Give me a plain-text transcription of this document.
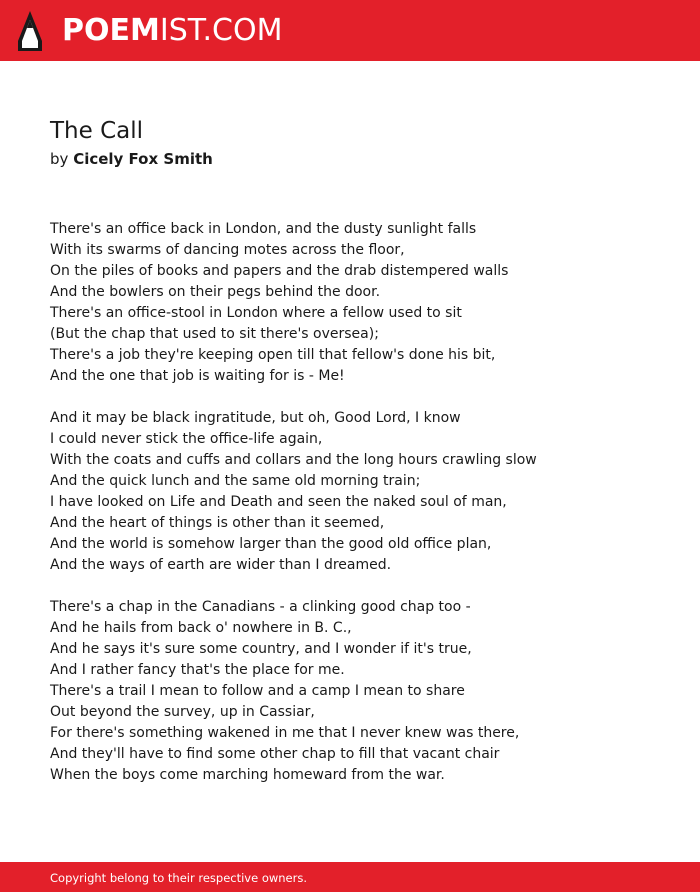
POEMIST.COM
The Call
by Cicely Fox Smith
There's an office back in London, and the dusty sunlight falls
With its swarms of dancing motes across the floor,
On the piles of books and papers and the drab distempered walls
And the bowlers on their pegs behind the door.
There's an office-stool in London where a fellow used to sit
(But the chap that used to sit there's oversea);
There's a job they're keeping open till that fellow's done his bit,
And the one that job is waiting for is - Me!
And it may be black ingratitude, but oh, Good Lord, I know
I could never stick the office-life again,
With the coats and cuffs and collars and the long hours crawling slow
And the quick lunch and the same old morning train;
I have looked on Life and Death and seen the naked soul of man,
And the heart of things is other than it seemed,
And the world is somehow larger than the good old office plan,
And the ways of earth are wider than I dreamed.
There's a chap in the Canadians - a clinking good chap too -
And he hails from back o' nowhere in B. C.,
And he says it's sure some country, and I wonder if it's true,
And I rather fancy that's the place for me.
There's a trail I mean to follow and a camp I mean to share
Out beyond the survey, up in Cassiar,
For there's something wakened in me that I never knew was there,
And they'll have to find some other chap to fill that vacant chair
When the boys come marching homeward from the war.
Copyright belong to their respective owners.
